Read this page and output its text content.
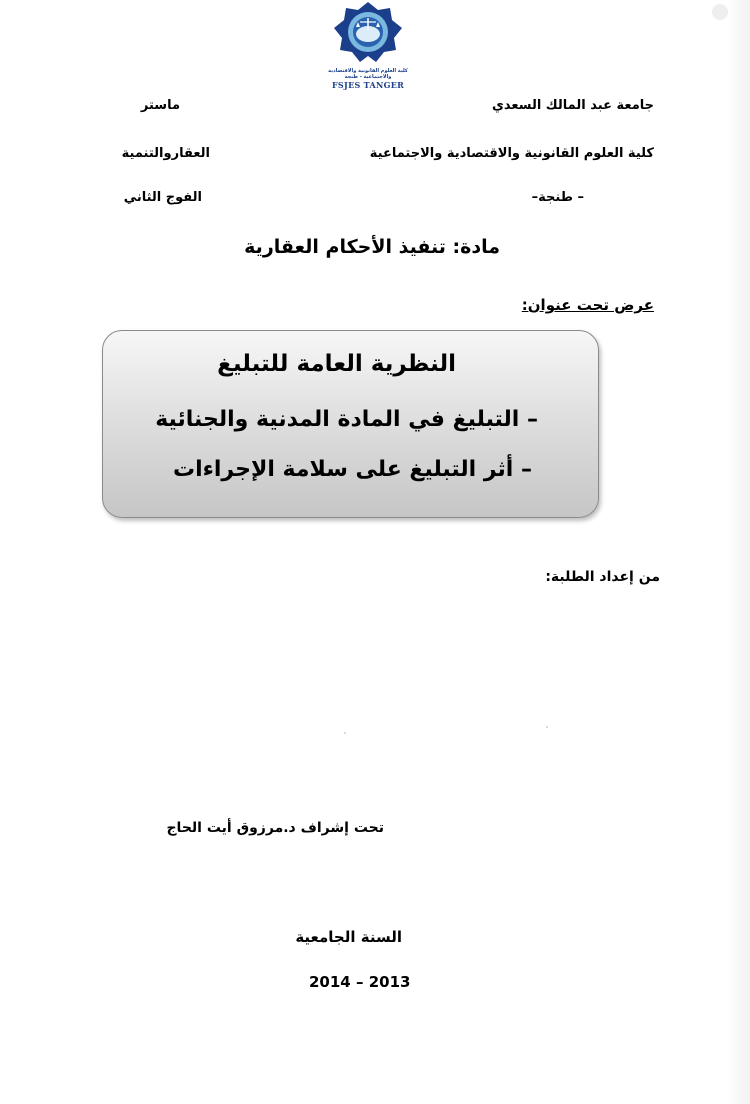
كلية العلوم القانونية والاقتصادية والاجتماعية - طنجة
FSJES TANGER
جامعة عبد المالك السعدي
كلية العلوم القانونية والاقتصادية والاجتماعية
– طنجة–
ماستر
العقاروالتنمية
الفوج الثاني
مادة: تنفيذ الأحكام العقارية
عرض تحت عنوان:
النظرية العامة للتبليغ
– التبليغ في المادة المدنية والجنائية
– أثر التبليغ على سلامة الإجراءات
من إعداد الطلبة:
تحت إشراف د.مرزوق أيت الحاج
السنة الجامعية
2014 – 2013
